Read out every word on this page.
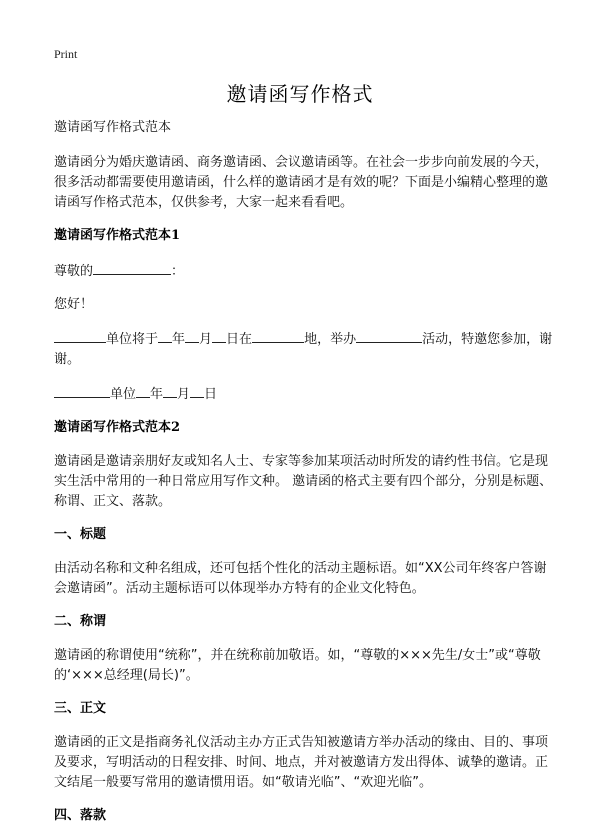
Print
邀请函写作格式

邀请函写作格式范本

邀请函分为婚庆邀请函、商务邀请函、会议邀请函等。在社会一步步向前发展的今天，很多活动都需要使用邀请函，什么样的邀请函才是有效的呢？下面是小编精心整理的邀请函写作格式范本，仅供参考，大家一起来看看吧。

邀请函写作格式范本1

尊敬的	：

您好！

单位将于 年 月 日在	地，举办	活动，特邀您参加，谢谢。

单位 年 月 日

邀请函写作格式范本2

邀请函是邀请亲朋好友或知名人士、专家等参加某项活动时所发的请约性书信。它是现实生活中常用的一种日常应用写作文种。 邀请函的格式主要有四个部分，分别是标题、称谓、正文、落款。

一、标题

由活动名称和文种名组成，还可包括个性化的活动主题标语。如“XX公司年终客户答谢会邀请函”。活动主题标语可以体现举办方特有的企业文化特色。

二、称谓

邀请函的称谓使用“统称”，并在统称前加敬语。如，“尊敬的×××先生/女士”或“尊敬的‘×××总经理(局长)”。

三、正文

邀请函的正文是指商务礼仪活动主办方正式告知被邀请方举办活动的缘由、目的、事项及要求，写明活动的日程安排、时间、地点，并对被邀请方发出得体、诚挚的邀请。正文结尾一般要写常用的邀请惯用语。如“敬请光临”、“欢迎光临”。

四、落款
